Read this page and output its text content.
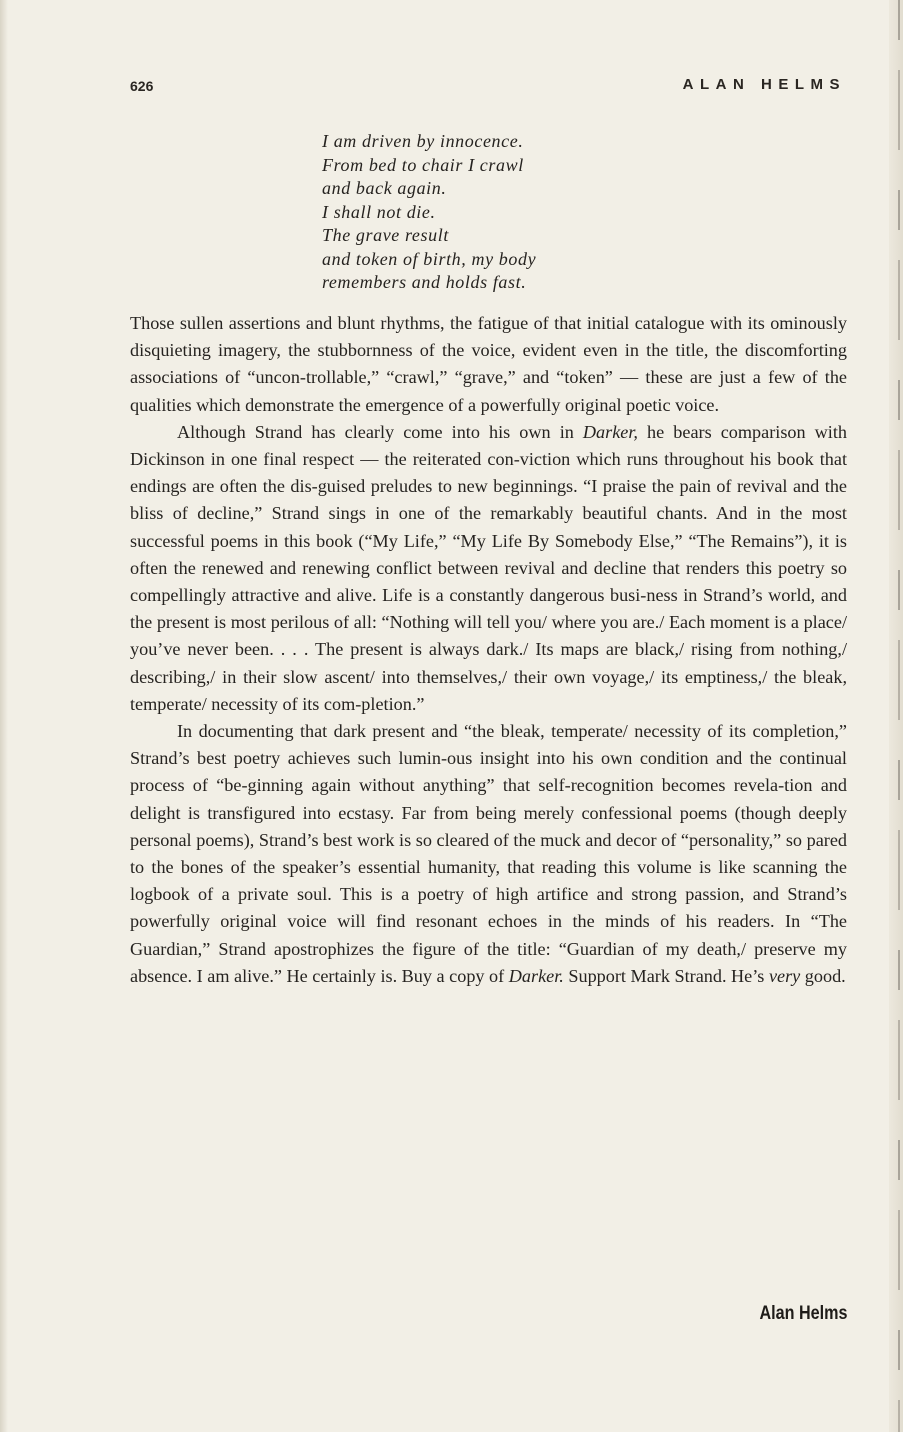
626	ALAN HELMS
I am driven by innocence.
From bed to chair I crawl
and back again.
I shall not die.
The grave result
and token of birth, my body
remembers and holds fast.

Those sullen assertions and blunt rhythms, the fatigue of that initial catalogue with its ominously disquieting imagery, the stubbornness of the voice, evident even in the title, the discomforting associations of “uncon-trollable,” “crawl,” “grave,” and “token” — these are just a few of the qualities which demonstrate the emergence of a powerfully original poetic voice.

Although Strand has clearly come into his own in Darker, he bears comparison with Dickinson in one final respect — the reiterated con-viction which runs throughout his book that endings are often the dis-guised preludes to new beginnings. “I praise the pain of revival and the bliss of decline,” Strand sings in one of the remarkably beautiful chants. And in the most successful poems in this book (“My Life,” “My Life By Somebody Else,” “The Remains”), it is often the renewed and renewing conflict between revival and decline that renders this poetry so compellingly attractive and alive. Life is a constantly dangerous busi-ness in Strand’s world, and the present is most perilous of all: “Nothing will tell you/ where you are./ Each moment is a place/ you’ve never been. . . . The present is always dark./ Its maps are black,/ rising from nothing,/ describing,/ in their slow ascent/ into themselves,/ their own voyage,/ its emptiness,/ the bleak, temperate/ necessity of its com-pletion.”

In documenting that dark present and “the bleak, temperate/ necessity of its completion,” Strand’s best poetry achieves such lumin-ous insight into his own condition and the continual process of “be-ginning again without anything” that self-recognition becomes revela-tion and delight is transfigured into ecstasy. Far from being merely confessional poems (though deeply personal poems), Strand’s best work is so cleared of the muck and decor of “personality,” so pared to the bones of the speaker’s essential humanity, that reading this volume is like scanning the logbook of a private soul. This is a poetry of high artifice and strong passion, and Strand’s powerfully original voice will find resonant echoes in the minds of his readers. In “The Guardian,” Strand apostrophizes the figure of the title: “Guardian of my death,/ preserve my absence. I am alive.” He certainly is. Buy a copy of Darker. Support Mark Strand. He’s very good.

Alan Helms
